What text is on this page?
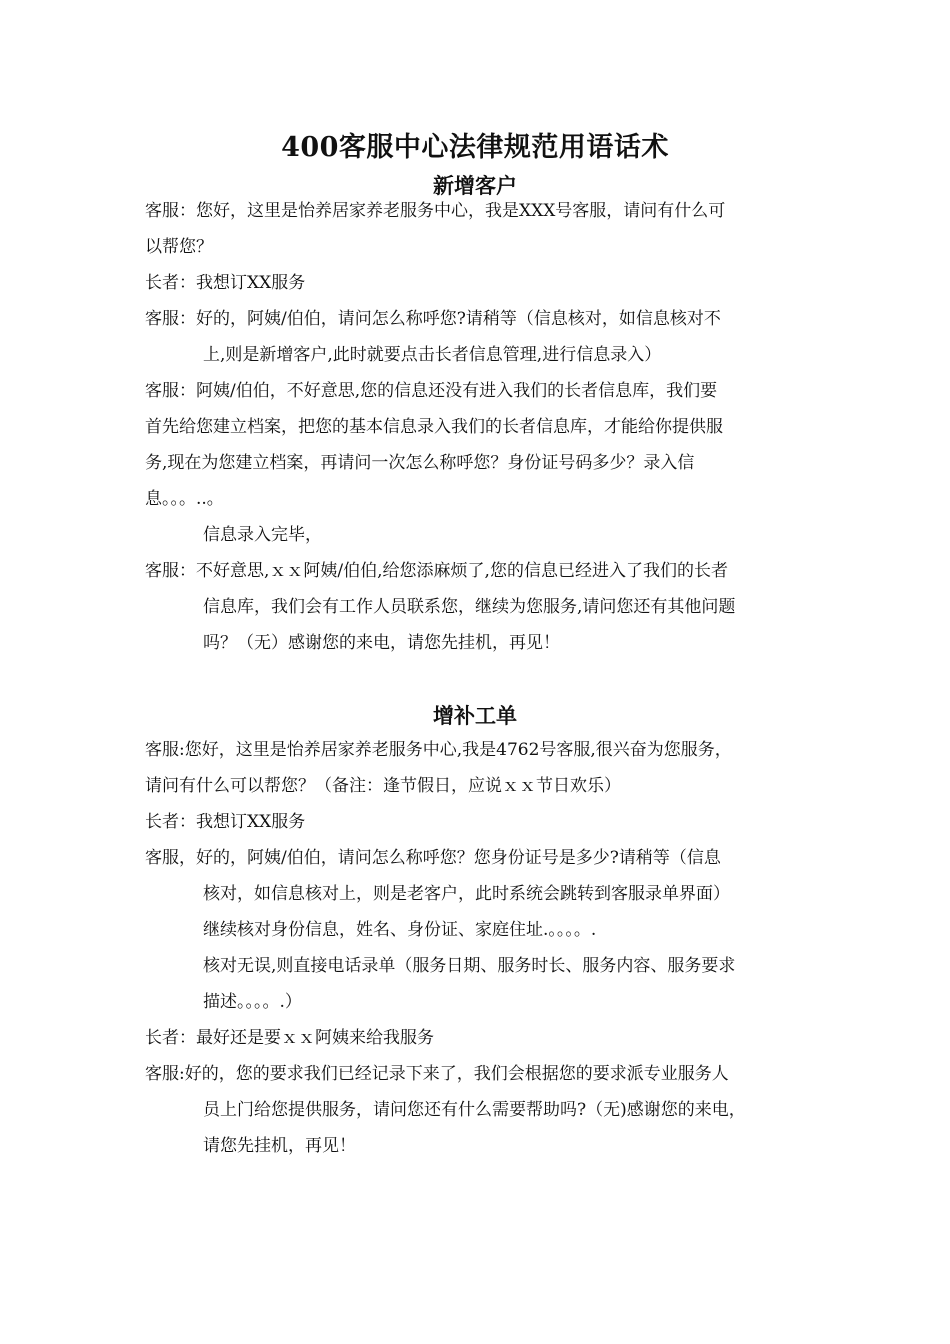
400客服中心法律规范用语话术
新增客户
客服：您好，这里是怡养居家养老服务中心，我是XXX号客服，请问有什么可
以帮您？
长者：我想订XX服务
客服：好的，阿姨/伯伯，请问怎么称呼您?请稍等（信息核对，如信息核对不
上,则是新增客户,此时就要点击长者信息管理,进行信息录入）
客服：阿姨/伯伯，不好意思,您的信息还没有进入我们的长者信息库，我们要
首先给您建立档案，把您的基本信息录入我们的长者信息库，才能给你提供服
务,现在为您建立档案，再请问一次怎么称呼您？身份证号码多少？录入信
息。。。..。
信息录入完毕，
客服：不好意思,ｘｘ阿姨/伯伯,给您添麻烦了,您的信息已经进入了我们的长者
信息库，我们会有工作人员联系您，继续为您服务,请问您还有其他问题
吗？（无）感谢您的来电，请您先挂机，再见！
增补工单
客服:您好，这里是怡养居家养老服务中心,我是4762号客服,很兴奋为您服务，
请问有什么可以帮您？（备注：逢节假日，应说ｘｘ节日欢乐）
长者：我想订XX服务
客服，好的，阿姨/伯伯，请问怎么称呼您？您身份证号是多少?请稍等（信息
核对，如信息核对上，则是老客户，此时系统会跳转到客服录单界面）
继续核对身份信息，姓名、身份证、家庭住址.。。。。.
核对无误,则直接电话录单（服务日期、服务时长、服务内容、服务要求
描述。。。。.）
长者：最好还是要ｘｘ阿姨来给我服务
客服:好的，您的要求我们已经记录下来了，我们会根据您的要求派专业服务人
员上门给您提供服务，请问您还有什么需要帮助吗?（无)感谢您的来电，
请您先挂机，再见！
